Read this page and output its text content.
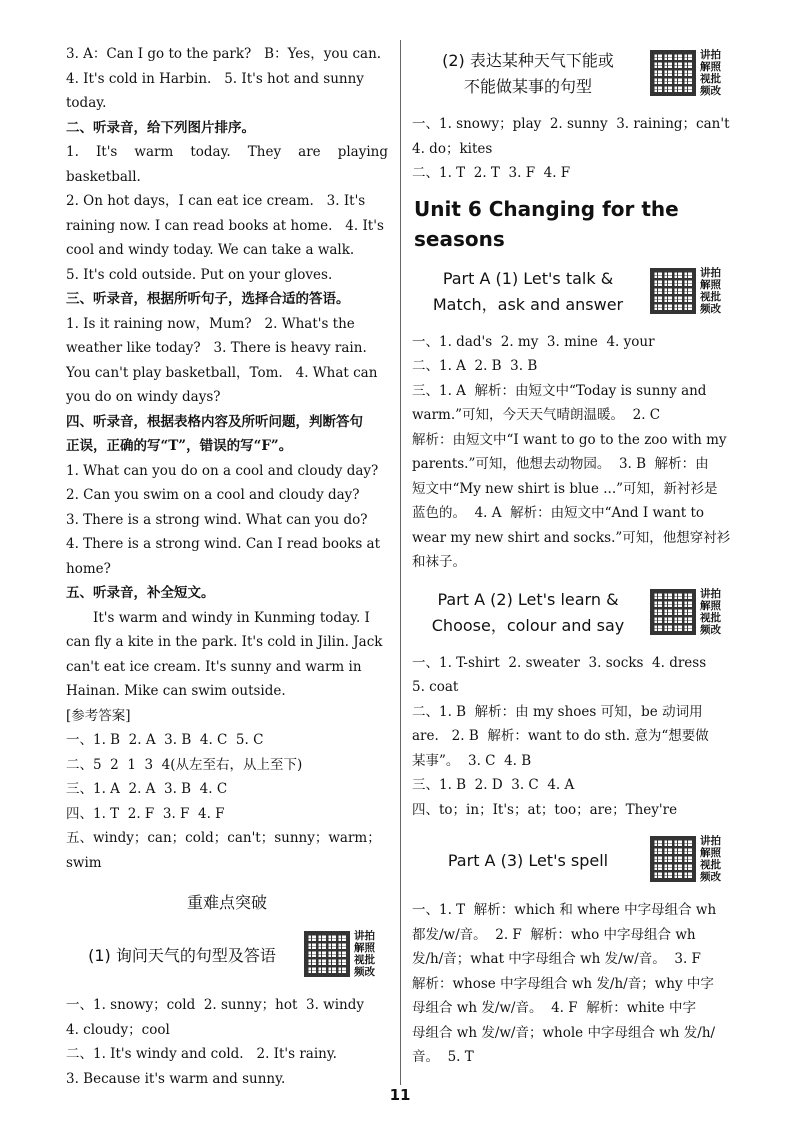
3. A：Can I go to the park?   B：Yes，you can.
4. It's cold in Harbin.   5. It's hot and sunny
today.
二、听录音，给下列图片排序。
1. It's warm today. They are playing basketball.
2. On hot days，I can eat ice cream.   3. It's
raining now. I can read books at home.   4. It's
cool and windy today. We can take a walk.
5. It's cold outside. Put on your gloves.
三、听录音，根据所听句子，选择合适的答语。
1. Is it raining now，Mum?   2. What's the
weather like today?   3. There is heavy rain.
You can't play basketball，Tom.   4. What can
you do on windy days?
四、听录音，根据表格内容及所听问题，判断答句
正误，正确的写“T”，错误的写“F”。
1. What can you do on a cool and cloudy day?
2. Can you swim on a cool and cloudy day?
3. There is a strong wind. What can you do?
4. There is a strong wind. Can I read books at
home?
五、听录音，补全短文。
It's warm and windy in Kunming today. I
can fly a kite in the park. It's cold in Jilin. Jack
can't eat ice cream. It's sunny and warm in
Hainan. Mike can swim outside.
[参考答案]
一、1. B  2. A  3. B  4. C  5. C
二、5  2  1  3  4(从左至右，从上至下)
三、1. A  2. A  3. B  4. C
四、1. T  2. F  3. F  4. F
五、windy；can；cold；can't；sunny；warm；
swim
重难点突破
(1) 询问天气的句型及答语
讲拍解照视批频改
一、1. snowy；cold  2. sunny；hot  3. windy
4. cloudy；cool
二、1. It's windy and cold.   2. It's rainy.
3. Because it's warm and sunny.
(2) 表达某种天气下能或
不能做某事的句型
讲拍解照视批频改
一、1. snowy；play  2. sunny  3. raining；can't
4. do；kites
二、1. T  2. T  3. F  4. F
Unit 6 Changing for the seasons
Part A (1) Let's talk &
Match，ask and answer
讲拍解照视批频改
一、1. dad's  2. my  3. mine  4. your
二、1. A  2. B  3. B
三、1. A  解析：由短文中“Today is sunny and
warm.”可知，今天天气晴朗温暖。  2. C
解析：由短文中“I want to go to the zoo with my
parents.”可知，他想去动物园。  3. B  解析：由
短文中“My new shirt is blue ...”可知，新衬衫是
蓝色的。  4. A  解析：由短文中“And I want to
wear my new shirt and socks.”可知，他想穿衬衫
和袜子。
Part A (2) Let's learn &
Choose，colour and say
讲拍解照视批频改
一、1. T-shirt  2. sweater  3. socks  4. dress
5. coat
二、1. B  解析：由 my shoes 可知，be 动词用
are.   2. B  解析：want to do sth. 意为“想要做
某事”。  3. C  4. B
三、1. B  2. D  3. C  4. A
四、to；in；It's；at；too；are；They're
Part A (3) Let's spell
讲拍解照视批频改
一、1. T  解析：which 和 where 中字母组合 wh
都发/w/音。  2. F  解析：who 中字母组合 wh
发/h/音；what 中字母组合 wh 发/w/音。  3. F
解析：whose 中字母组合 wh 发/h/音；why 中字
母组合 wh 发/w/音。  4. F  解析：white 中字
母组合 wh 发/w/音；whole 中字母组合 wh 发/h/
音。  5. T
11
